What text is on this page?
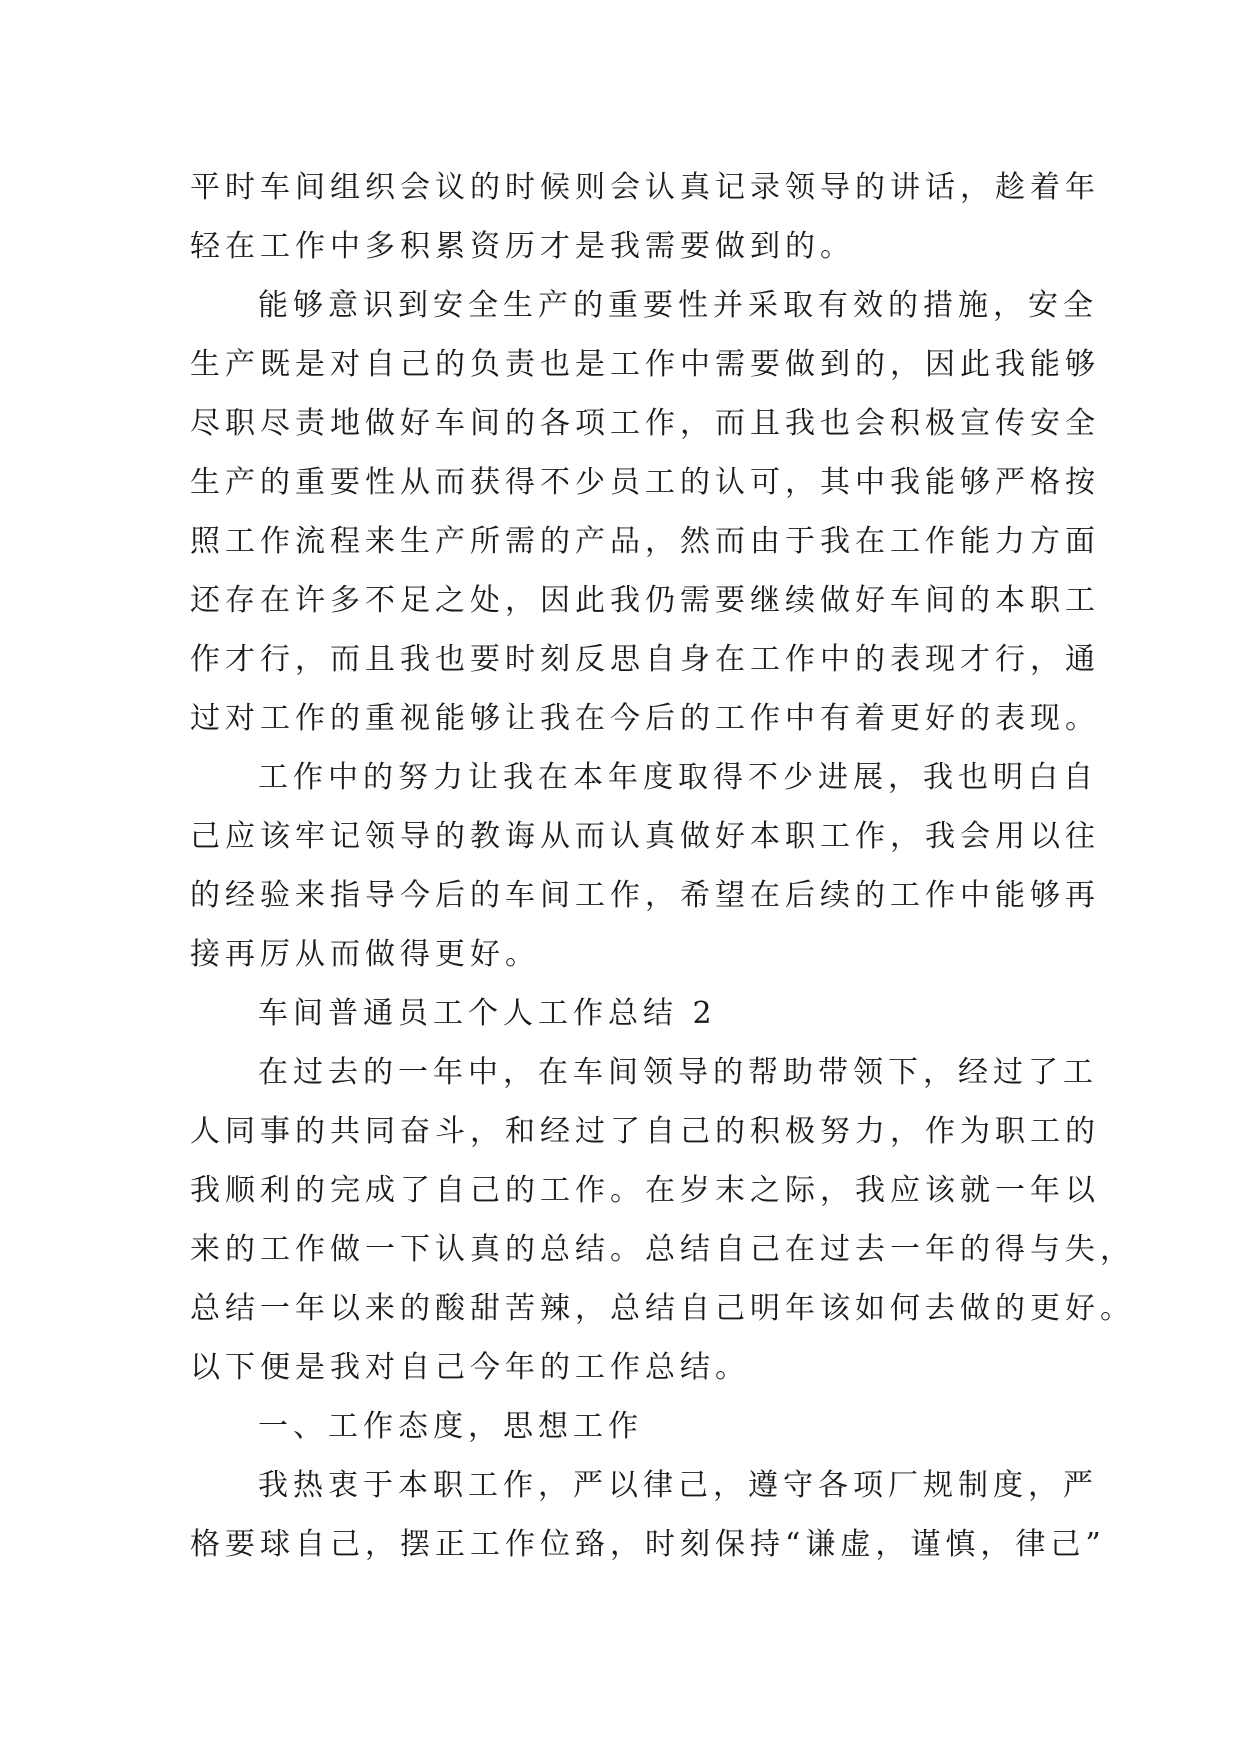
平时车间组织会议的时候则会认真记录领导的讲话，趁着年
轻在工作中多积累资历才是我需要做到的。
能够意识到安全生产的重要性并采取有效的措施，安全
生产既是对自己的负责也是工作中需要做到的，因此我能够
尽职尽责地做好车间的各项工作，而且我也会积极宣传安全
生产的重要性从而获得不少员工的认可，其中我能够严格按
照工作流程来生产所需的产品，然而由于我在工作能力方面
还存在许多不足之处，因此我仍需要继续做好车间的本职工
作才行，而且我也要时刻反思自身在工作中的表现才行，通
过对工作的重视能够让我在今后的工作中有着更好的表现。
工作中的努力让我在本年度取得不少进展，我也明白自
己应该牢记领导的教诲从而认真做好本职工作，我会用以往
的经验来指导今后的车间工作，希望在后续的工作中能够再
接再厉从而做得更好。
车间普通员工个人工作总结 2
在过去的一年中，在车间领导的帮助带领下，经过了工
人同事的共同奋斗，和经过了自己的积极努力，作为职工的
我顺利的完成了自己的工作。在岁末之际，我应该就一年以
来的工作做一下认真的总结。总结自己在过去一年的得与失，
总结一年以来的酸甜苦辣，总结自己明年该如何去做的更好。
以下便是我对自己今年的工作总结。
一、工作态度，思想工作
我热衷于本职工作，严以律己，遵守各项厂规制度，严
格要球自己，摆正工作位臵，时刻保持“谦虚，谨慎，律己”
